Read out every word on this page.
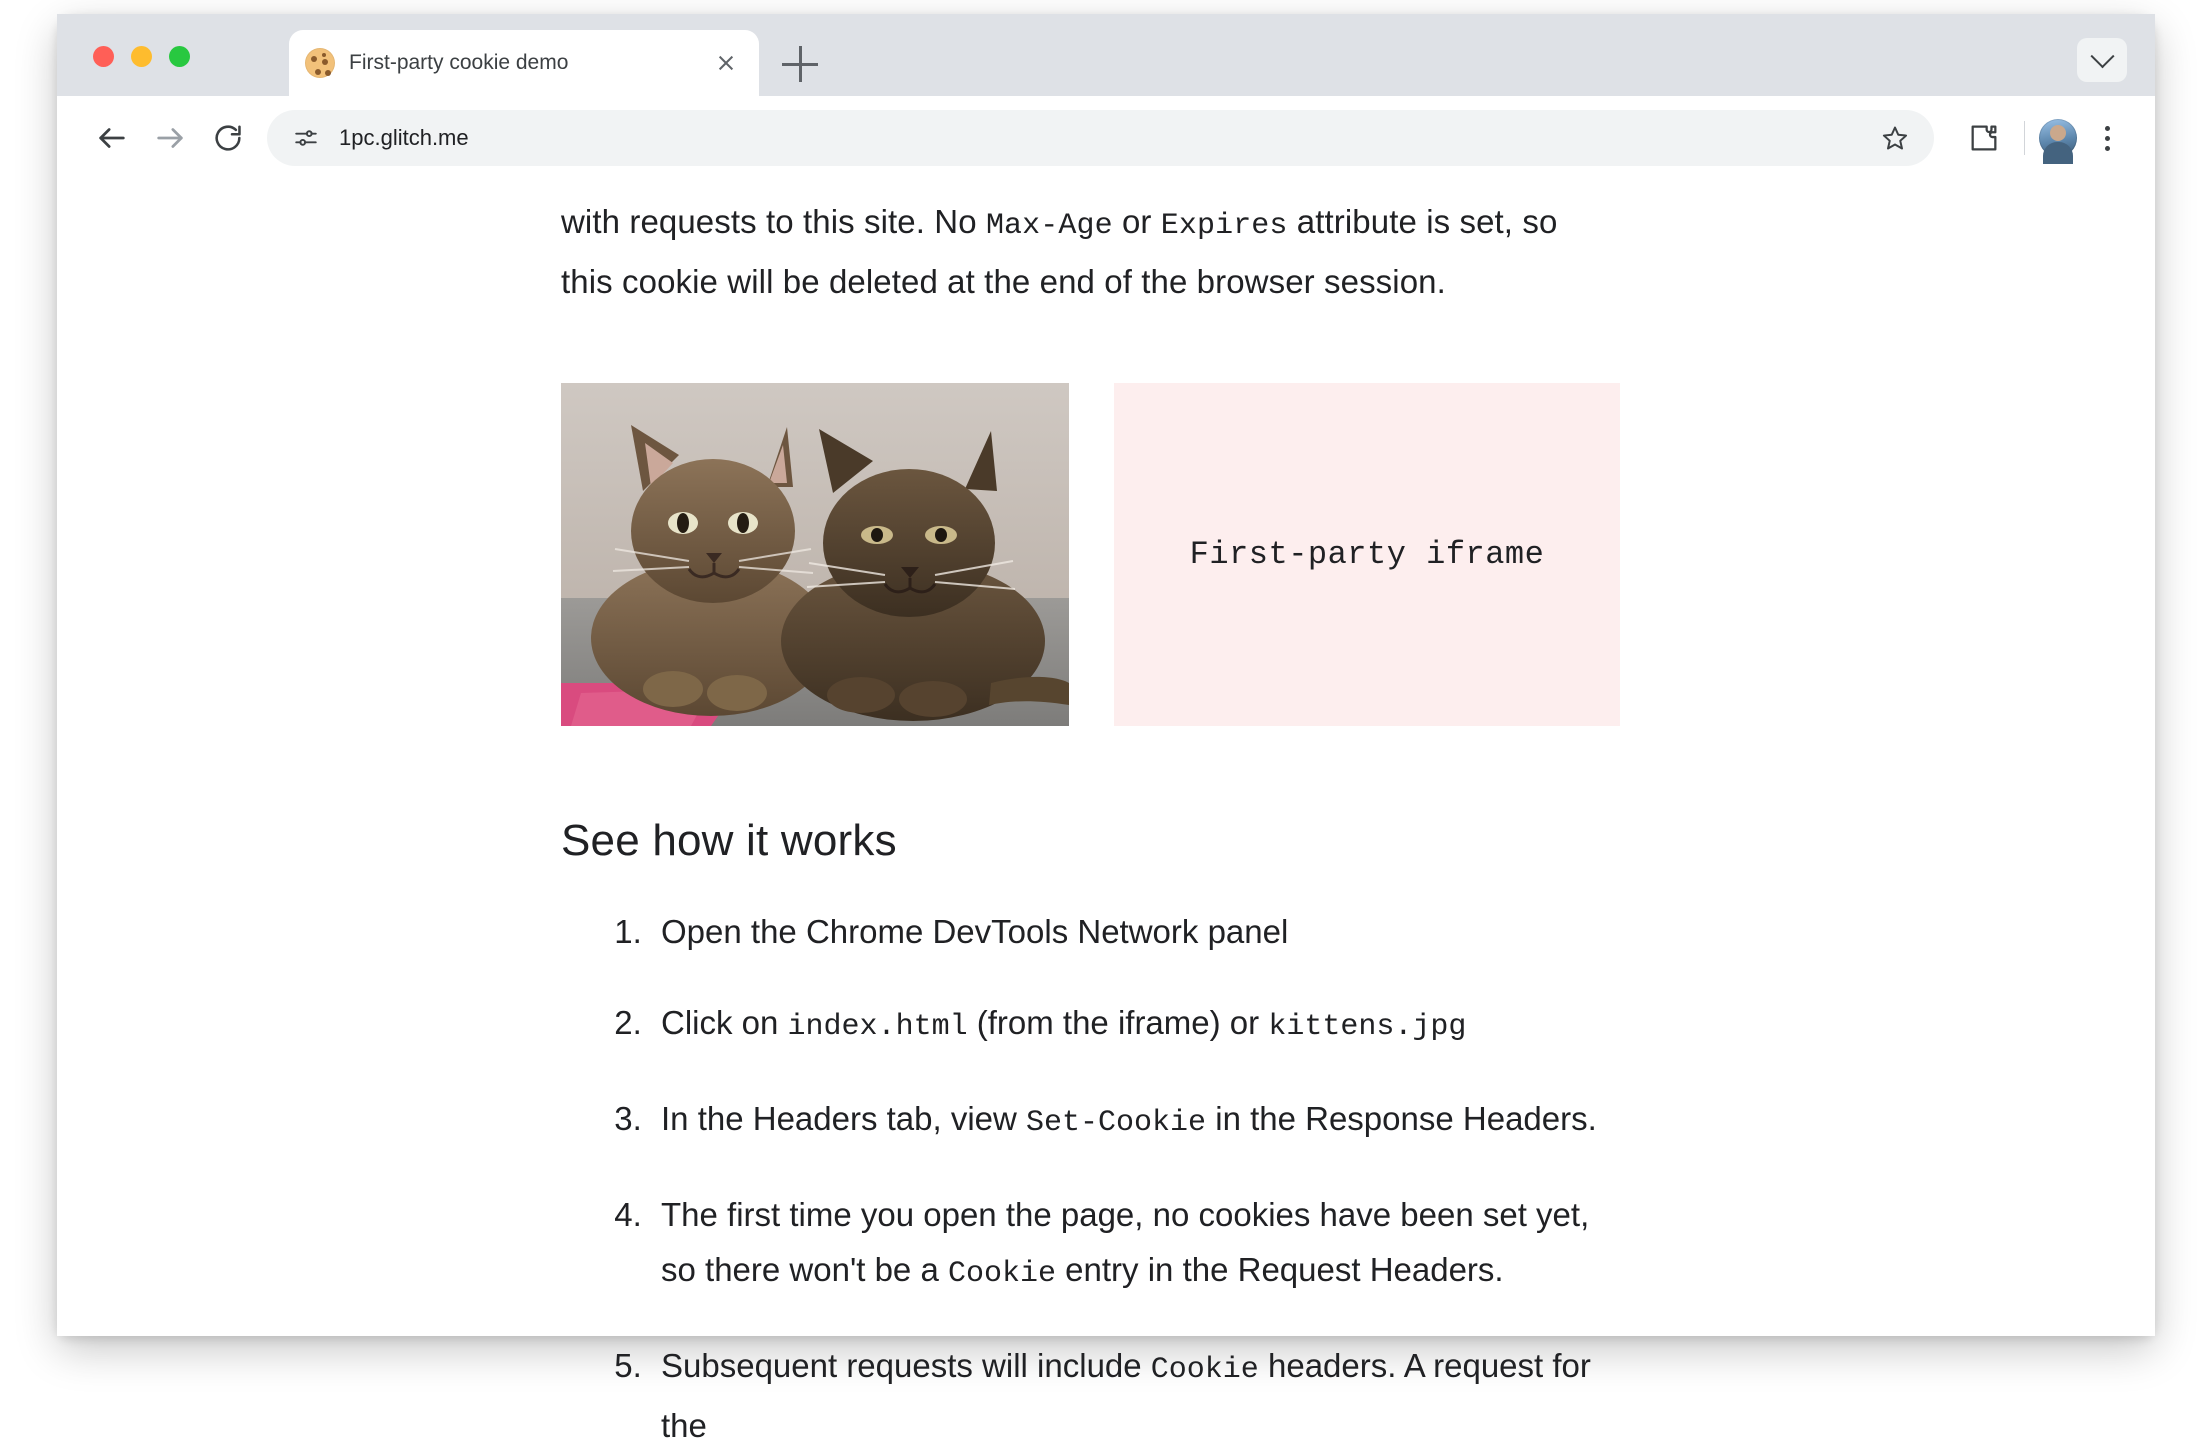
First-party cookie demo
1pc.glitch.me

with requests to this site. No Max-Age or Expires attribute is set, so
this cookie will be deleted at the end of the browser session.

First-party iframe
See how it works
1. Open the Chrome DevTools Network panel
2. Click on index.html (from the iframe) or kittens.jpg
3. In the Headers tab, view Set-Cookie in the Response Headers.
4. The first time you open the page, no cookies have been set yet, so there won't be a Cookie entry in the Request Headers.
5. Subsequent requests will include Cookie headers. A request for the
